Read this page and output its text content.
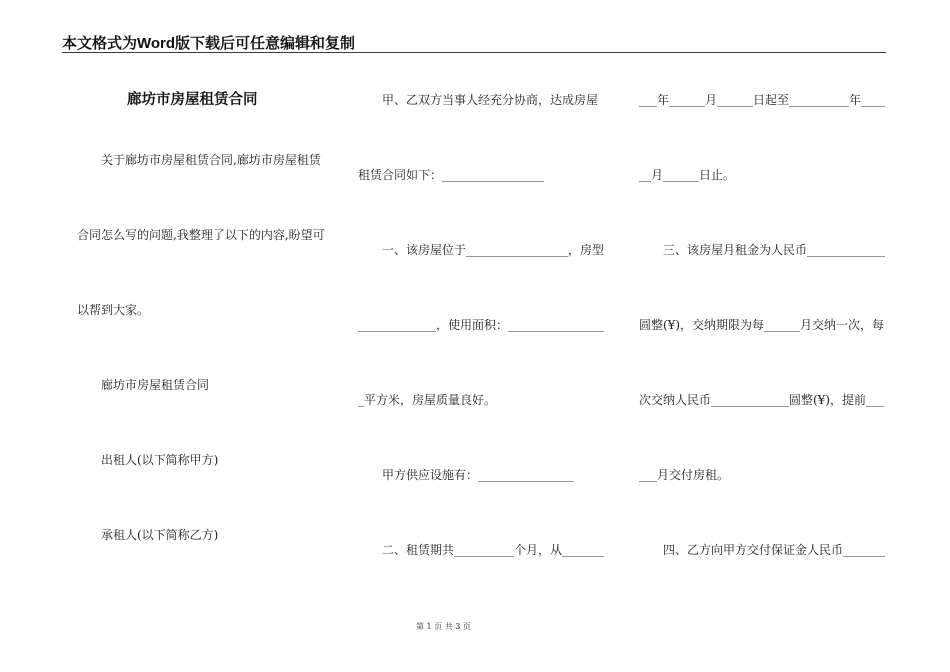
本文格式为Word版下载后可任意编辑和复制
廊坊市房屋租赁合同
关于廊坊市房屋租赁合同,廊坊市房屋租赁
合同怎么写的问题,我整理了以下的内容,盼望可
以帮到大家。
廊坊市房屋租赁合同
出租人(以下简称甲方)
承租人(以下简称乙方)
甲、乙双方当事人经充分协商，达成房屋
租赁合同如下：_________________
一、该房屋位于_________________，房型
_____________，使用面积：________________
_平方米，房屋质量良好。
甲方供应设施有：________________
二、租赁期共__________个月，从_______
___年______月______日起至__________年____
__月______日止。
三、该房屋月租金为人民币_____________
圆整(¥)，交纳期限为每______月交纳一次，每
次交纳人民币_____________圆整(¥)，提前___
___月交付房租。
四、乙方向甲方交付保证金人民币_______
第 1 页 共 3 页
